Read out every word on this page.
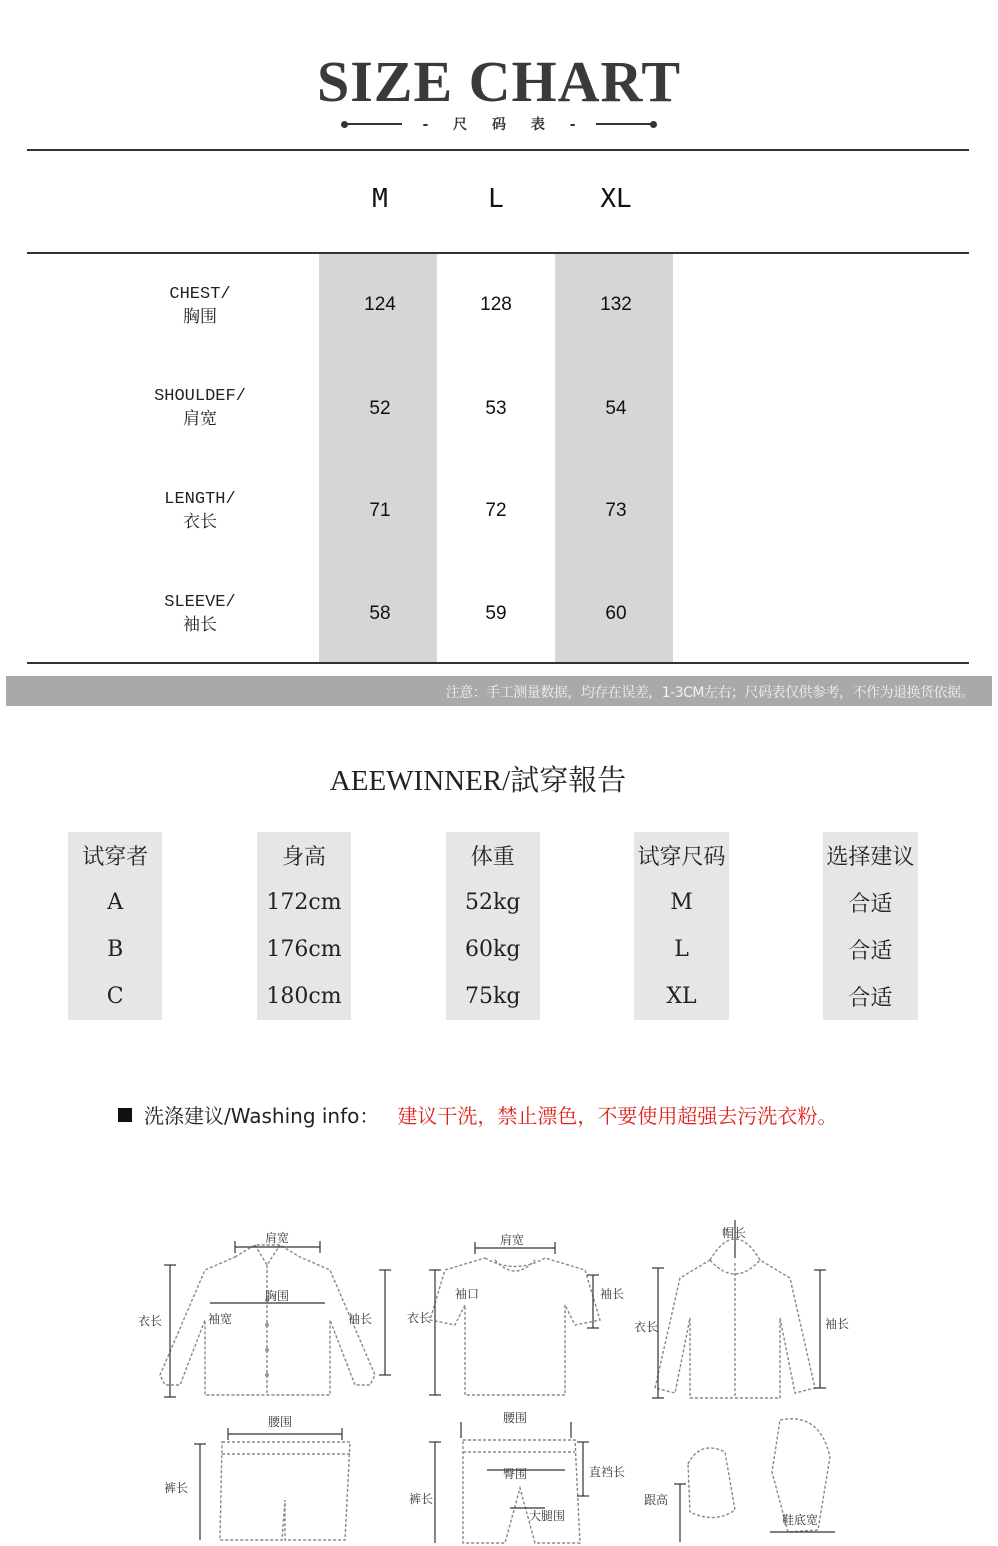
SIZE CHART
- 尺 码 表 -
M	L	XL
CHEST/
胸围
124	128	132
SHOULDEF/
肩宽
52	53	54
LENGTH/
衣长
71	72	73
SLEEVE/
袖长
58	59	60
注意：手工测量数据，均存在误差，1-3CM左右；尺码表仅供参考，不作为退换货依据。
AEEWINNER/試穿報告
试穿者	身高	体重	试穿尺码	选择建议
A	172cm	52kg	M	合适
B	176cm	60kg	L	合适
C	180cm	75kg	XL	合适
洗涤建议/Washing info： 建议干洗，禁止漂色，不要使用超强去污洗衣粉。
肩宽
胸围
衣长	袖宽	袖长
肩宽
袖口
衣长
袖长
帽长
衣长	袖长
腰围
裤长
腰围
臀围	直裆长
裤长
大腿围
跟高
鞋底宽
